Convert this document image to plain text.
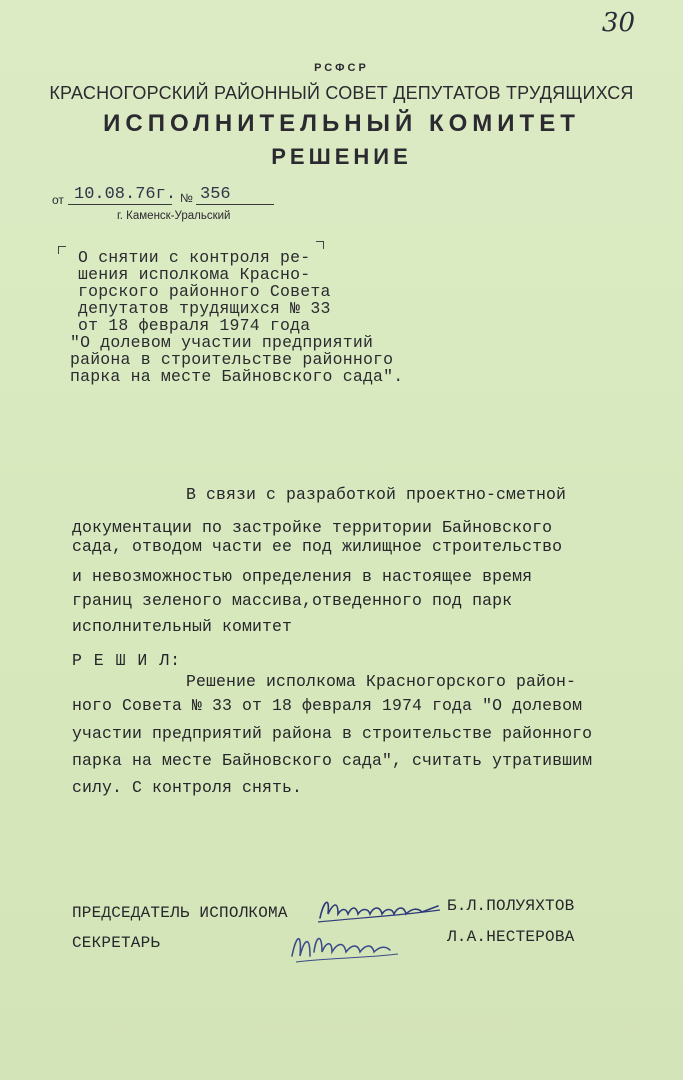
30
РСФСР
КРАСНОГОРСКИЙ РАЙОННЫЙ СОВЕТ ДЕПУТАТОВ ТРУДЯЩИХСЯ
ИСПОЛНИТЕЛЬНЫЙ КОМИТЕТ
РЕШЕНИЕ
от 10.08.76г. № 356
г. Каменск-Уральский
О снятии с контроля ре-
шения исполкома Красно-
горского районного Совета
депутатов трудящихся № 33
от 18 февраля 1974 года
"О долевом участии предприятий
района в строительстве районного
парка на месте Байновского сада".
В связи с разработкой проектно-сметной
документации по застройке территории Байновского
сада, отводом части ее под жилищное строительство
и невозможностью определения в настоящее время
границ зеленого массива,отведенного под парк
исполнительный комитет
Р Е Ш И Л:
Решение исполкома Красногорского район-
ного Совета № 33 от 18 февраля 1974 года "О долевом
участии предприятий района в строительстве районного
парка на месте Байновского сада", считать утратившим
силу. С контроля снять.
ПРЕДСЕДАТЕЛЬ ИСПОЛКОМА	Б.Л.ПОЛУЯХТОВ
СЕКРЕТАРЬ	Л.А.НЕСТЕРОВА
